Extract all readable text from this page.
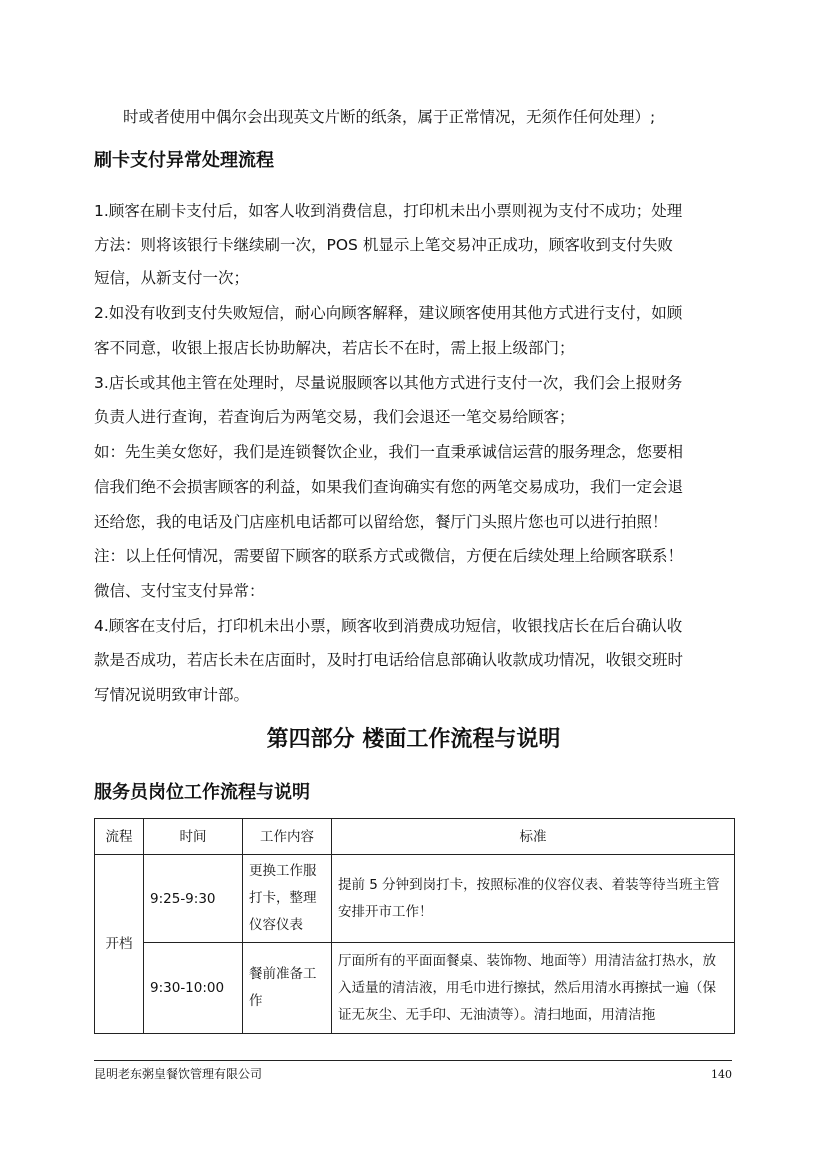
时或者使用中偶尔会出现英文片断的纸条，属于正常情况，无须作任何处理）;
刷卡支付异常处理流程
1.顾客在刷卡支付后，如客人收到消费信息，打印机未出小票则视为支付不成功；处理
方法：则将该银行卡继续刷一次，POS 机显示上笔交易冲正成功，顾客收到支付失败
短信，从新支付一次；
2.如没有收到支付失败短信，耐心向顾客解释，建议顾客使用其他方式进行支付，如顾
客不同意，收银上报店长协助解决，若店长不在时，需上报上级部门；
3.店长或其他主管在处理时，尽量说服顾客以其他方式进行支付一次，我们会上报财务
负责人进行查询，若查询后为两笔交易，我们会退还一笔交易给顾客；
如：先生美女您好，我们是连锁餐饮企业，我们一直秉承诚信运营的服务理念，您要相
信我们绝不会损害顾客的利益，如果我们查询确实有您的两笔交易成功，我们一定会退
还给您，我的电话及门店座机电话都可以留给您，餐厅门头照片您也可以进行拍照！
注：以上任何情况，需要留下顾客的联系方式或微信，方便在后续处理上给顾客联系！
微信、支付宝支付异常：
4.顾客在支付后，打印机未出小票，顾客收到消费成功短信，收银找店长在后台确认收
款是否成功，若店长未在店面时，及时打电话给信息部确认收款成功情况，收银交班时
写情况说明致审计部。
第四部分 楼面工作流程与说明
服务员岗位工作流程与说明
流程	时间	工作内容	标准
开档	9:25-9:30	更换工作服打卡，整理仪容仪表	提前 5 分钟到岗打卡，按照标准的仪容仪表、着装等待当班主管安排开市工作！
	9:30-10:00	餐前准备工作	厅面所有的平面面餐桌、装饰物、地面等）用清洁盆打热水，放入适量的清洁液，用毛巾进行擦拭，然后用清水再擦拭一遍（保证无灰尘、无手印、无油渍等）。清扫地面，用清洁拖
昆明老东粥皇餐饮管理有限公司	140
